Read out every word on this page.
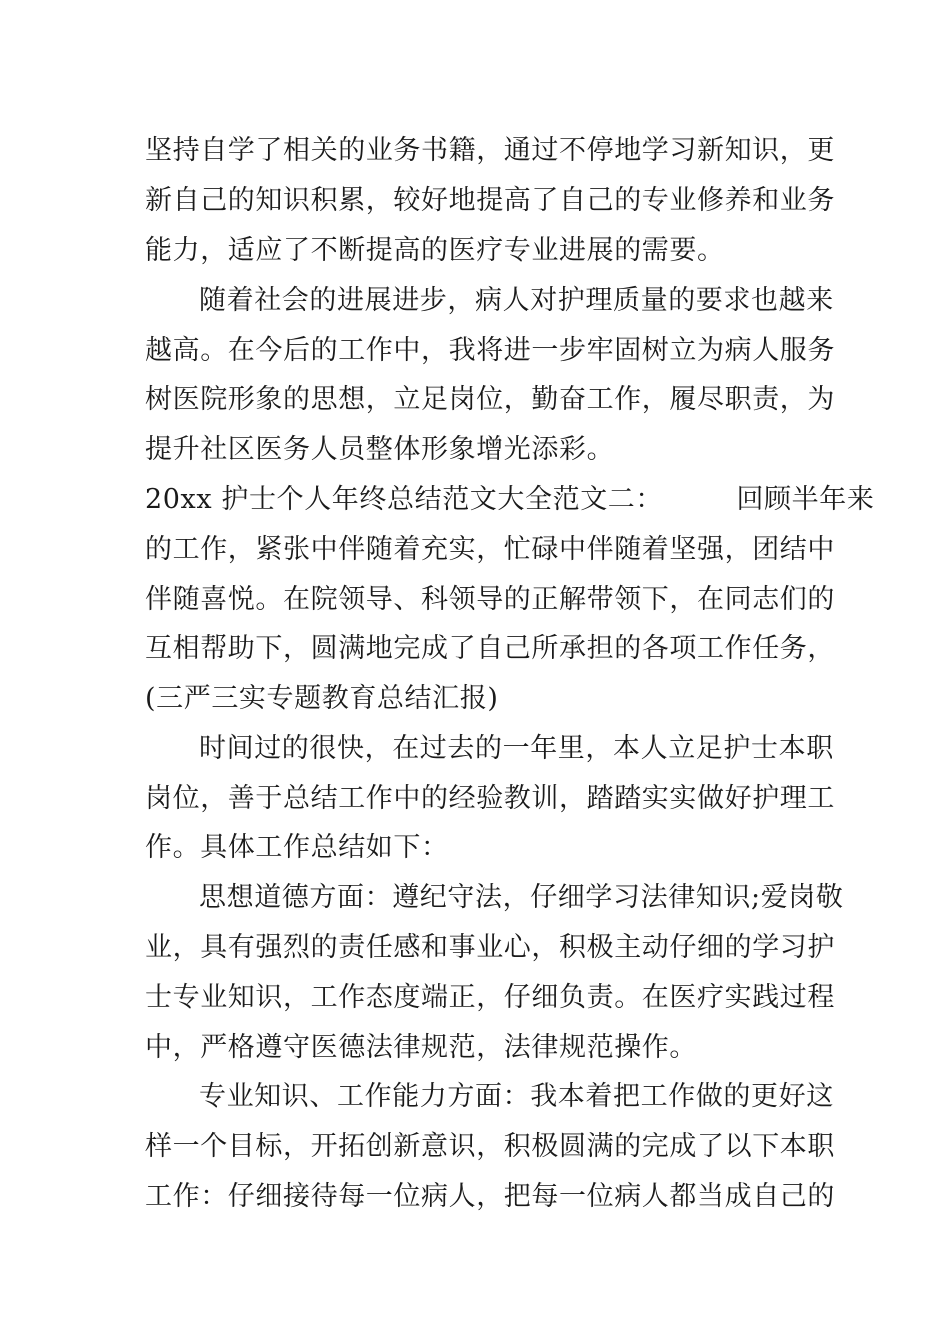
坚持自学了相关的业务书籍，通过不停地学习新知识，更

新自己的知识积累，较好地提高了自己的专业修养和业务

能力，适应了不断提高的医疗专业进展的需要。

随着社会的进展进步，病人对护理质量的要求也越来

越高。在今后的工作中，我将进一步牢固树立为病人服务

树医院形象的思想，立足岗位，勤奋工作，履尽职责，为

提升社区医务人员整体形象增光添彩。

20xx 护士个人年终总结范文大全范文二：        回顾半年来

的工作，紧张中伴随着充实，忙碌中伴随着坚强，团结中

伴随喜悦。在院领导、科领导的正解带领下，在同志们的

互相帮助下，圆满地完成了自己所承担的各项工作任务，

(三严三实专题教育总结汇报)

时间过的很快，在过去的一年里，本人立足护士本职

岗位，善于总结工作中的经验教训，踏踏实实做好护理工

作。具体工作总结如下：

思想道德方面：遵纪守法，仔细学习法律知识;爱岗敬

业，具有强烈的责任感和事业心，积极主动仔细的学习护

士专业知识，工作态度端正，仔细负责。在医疗实践过程

中，严格遵守医德法律规范，法律规范操作。

专业知识、工作能力方面：我本着把工作做的更好这

样一个目标，开拓创新意识，积极圆满的完成了以下本职

工作：仔细接待每一位病人，把每一位病人都当成自己的
